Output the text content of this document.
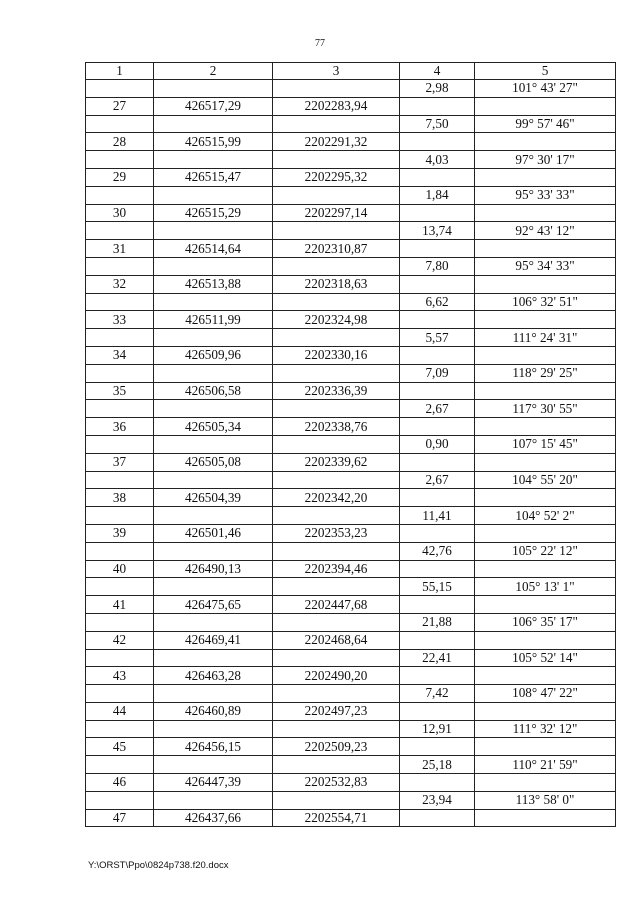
77
1	2	3	4	5
			2,98	101° 43' 27"
27	426517,29	2202283,94		
			7,50	99° 57' 46"
28	426515,99	2202291,32		
			4,03	97° 30' 17"
29	426515,47	2202295,32		
			1,84	95° 33' 33"
30	426515,29	2202297,14		
			13,74	92° 43' 12"
31	426514,64	2202310,87		
			7,80	95° 34' 33"
32	426513,88	2202318,63		
			6,62	106° 32' 51"
33	426511,99	2202324,98		
			5,57	111° 24' 31"
34	426509,96	2202330,16		
			7,09	118° 29' 25"
35	426506,58	2202336,39		
			2,67	117° 30' 55"
36	426505,34	2202338,76		
			0,90	107° 15' 45"
37	426505,08	2202339,62		
			2,67	104° 55' 20"
38	426504,39	2202342,20		
			11,41	104° 52' 2"
39	426501,46	2202353,23		
			42,76	105° 22' 12"
40	426490,13	2202394,46		
			55,15	105° 13' 1"
41	426475,65	2202447,68		
			21,88	106° 35' 17"
42	426469,41	2202468,64		
			22,41	105° 52' 14"
43	426463,28	2202490,20		
			7,42	108° 47' 22"
44	426460,89	2202497,23		
			12,91	111° 32' 12"
45	426456,15	2202509,23		
			25,18	110° 21' 59"
46	426447,39	2202532,83		
			23,94	113° 58' 0"
47	426437,66	2202554,71		
Y:\ORST\Ppo\0824p738.f20.docx
